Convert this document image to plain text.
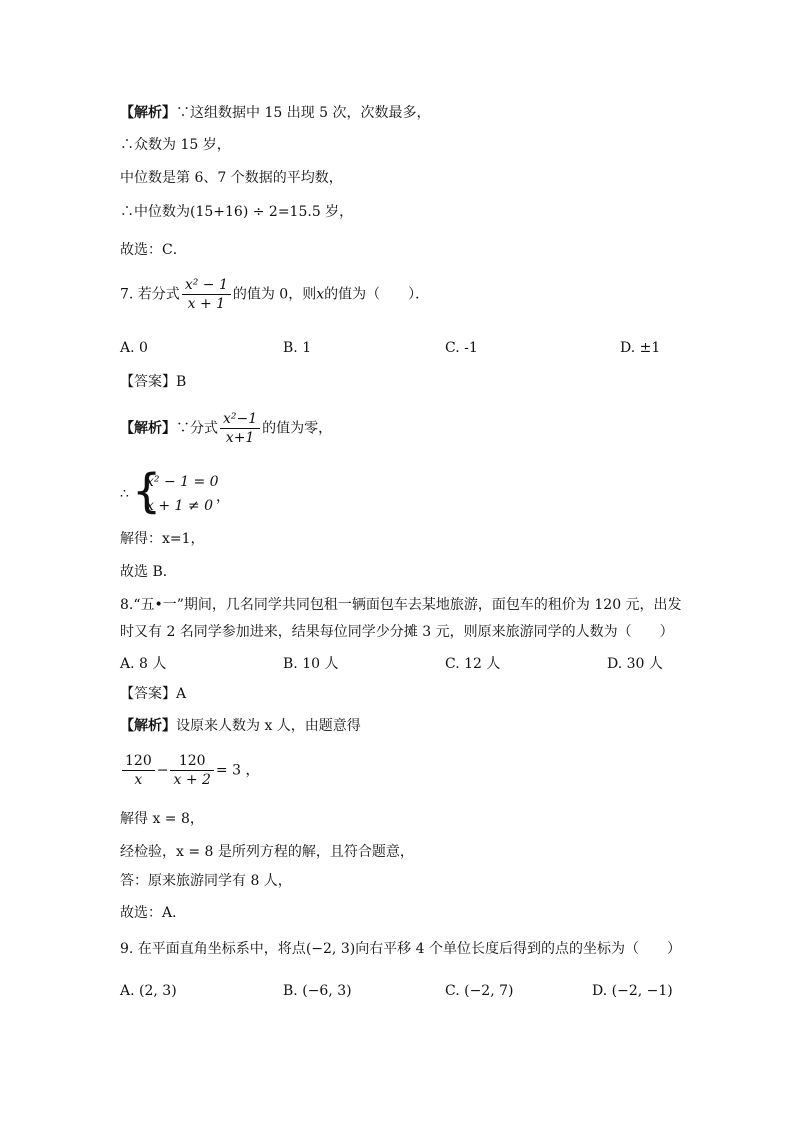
【解析】∵这组数据中 15 出现 5 次，次数最多，
∴众数为 15 岁，
中位数是第 6、7 个数据的平均数，
∴中位数为(15+16) ÷ 2=15.5 岁，
故选：C．
7. 若分式 $\frac{\text{x² − 1}}{x + 1}$ 的值为 0，则x的值为（　　）．
A. 0	B. 1	C. -1	D. ±1
【答案】B
【解析】∵分式 $\frac{\text{x²−1}}{x+1}$ 的值为零，
∴ {
x² − 1 = 0
x + 1 ≠ 0
，
解得：x=1，
故选 B．
8.“五•一”期间，几名同学共同包租一辆面包车去某地旅游，面包车的租价为 120 元，出发
时又有 2 名同学参加进来，结果每位同学少分摊 3 元，则原来旅游同学的人数为（　　）
A. 8 人	B. 10 人	C. 12 人	D. 30 人
【答案】A
【解析】设原来人数为 x 人，由题意得
$\frac{120}{x} - \frac{120}{x + 2} = 3$ ，
解得 x = 8，
经检验，x = 8 是所列方程的解，且符合题意，
答：原来旅游同学有 8 人，
故选：A．
9. 在平面直角坐标系中，将点(−2, 3)向右平移 4 个单位长度后得到的点的坐标为（　　）
A. (2, 3)	B. (−6, 3)	C. (−2, 7)	D. (−2, −1)
